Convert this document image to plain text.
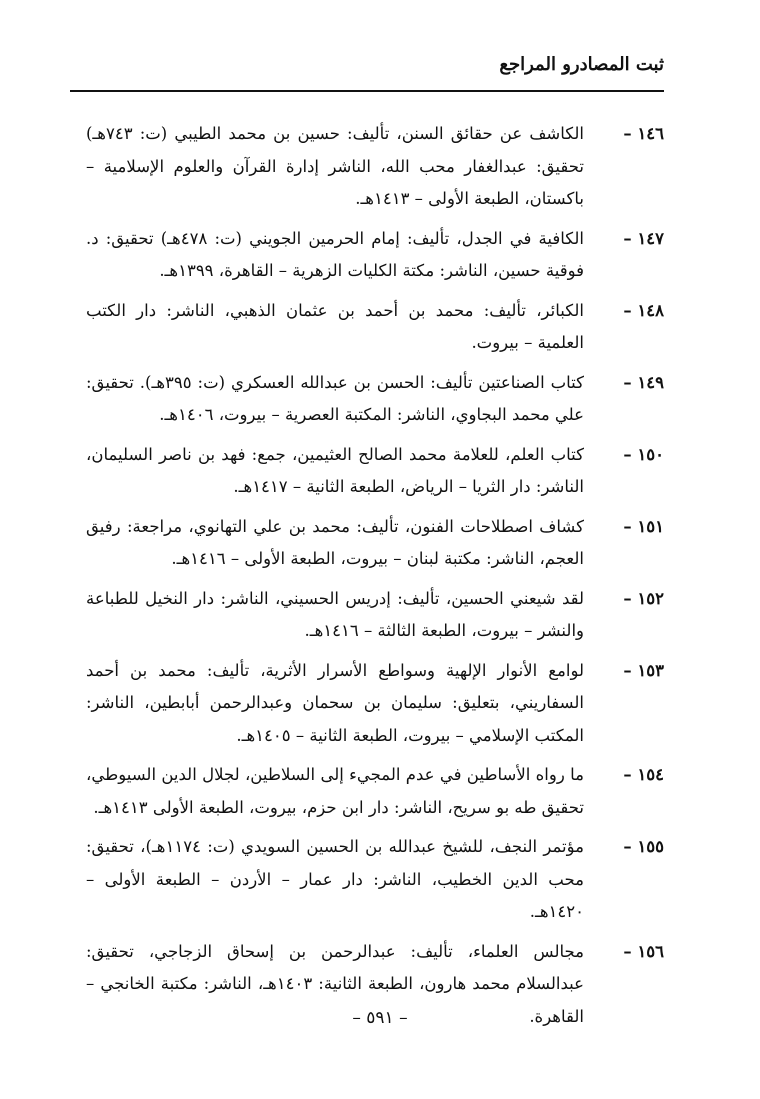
ثبت المصادرو المراجع
١٤٦ –
الكاشف عن حقائق السنن، تأليف: حسين بن محمد الطيبي (ت: ٧٤٣هـ) تحقيق: عبدالغفار محب الله، الناشر إدارة القرآن والعلوم الإسلامية – باكستان، الطبعة الأولى – ١٤١٣هـ.
١٤٧ –
الكافية في الجدل، تأليف: إمام الحرمين الجويني (ت: ٤٧٨هـ) تحقيق: د. فوقية حسين، الناشر: مكتة الكليات الزهرية – القاهرة، ١٣٩٩هـ.
١٤٨ –
الكبائر، تأليف: محمد بن أحمد بن عثمان الذهبي، الناشر: دار الكتب العلمية – بيروت.
١٤٩ –
كتاب الصناعتين تأليف: الحسن بن عبدالله العسكري (ت: ٣٩٥هـ). تحقيق: علي محمد البجاوي، الناشر: المكتبة العصرية – بيروت، ١٤٠٦هـ.
١٥٠ –
كتاب العلم، للعلامة محمد الصالح العثيمين، جمع: فهد بن ناصر السليمان، الناشر: دار الثريا – الرياض، الطبعة الثانية – ١٤١٧هـ.
١٥١ –
كشاف اصطلاحات الفنون، تأليف: محمد بن علي التهانوي، مراجعة: رفيق العجم، الناشر: مكتبة لبنان – بيروت، الطبعة الأولى – ١٤١٦هـ.
١٥٢ –
لقد شيعني الحسين، تأليف: إدريس الحسيني، الناشر: دار النخيل للطباعة والنشر – بيروت، الطبعة الثالثة – ١٤١٦هـ.
١٥٣ –
لوامع الأنوار الإلهية وسواطع الأسرار الأثرية، تأليف: محمد بن أحمد السفاريني، بتعليق: سليمان بن سحمان وعبدالرحمن أبابطين، الناشر: المكتب الإسلامي – بيروت، الطبعة الثانية – ١٤٠٥هـ.
١٥٤ –
ما رواه الأساطين في عدم المجيء إلى السلاطين، لجلال الدين السيوطي، تحقيق طه بو سريح، الناشر: دار ابن حزم، بيروت، الطبعة الأولى ١٤١٣هـ.
١٥٥ –
مؤتمر النجف، للشيخ عبدالله بن الحسين السويدي (ت: ١١٧٤هـ)، تحقيق: محب الدين الخطيب، الناشر: دار عمار – الأردن – الطبعة الأولى – ١٤٢٠هـ.
١٥٦ –
مجالس العلماء، تأليف: عبدالرحمن بن إسحاق الزجاجي، تحقيق: عبدالسلام محمد هارون، الطبعة الثانية: ١٤٠٣هـ، الناشر: مكتبة الخانجي – القاهرة.
– ٥٩١ –
